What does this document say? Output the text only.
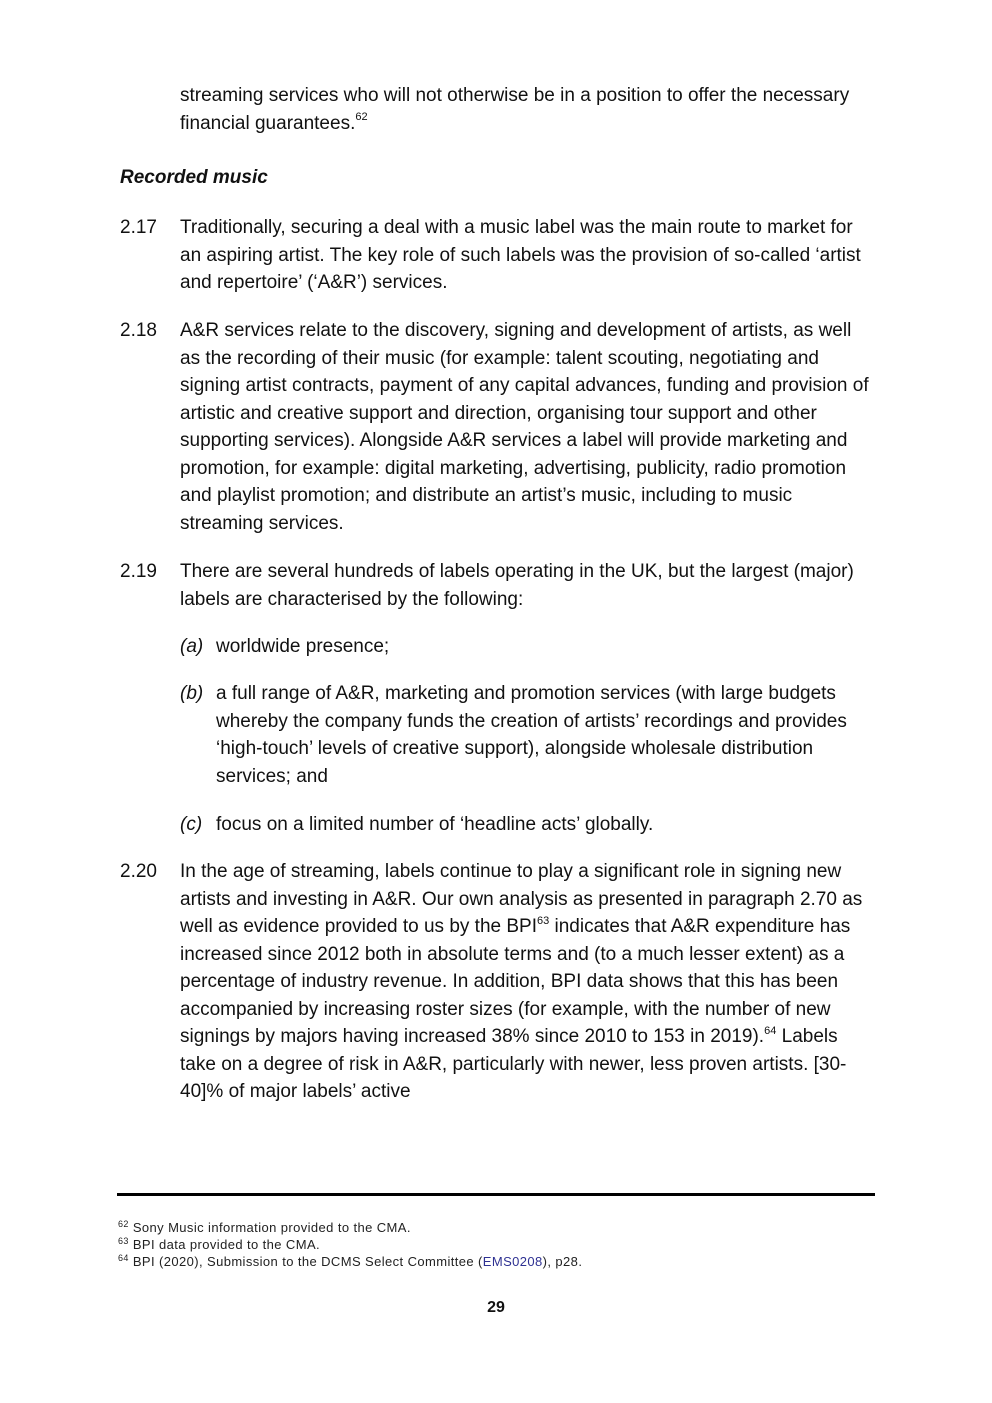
streaming services who will not otherwise be in a position to offer the necessary financial guarantees.$^{62}$
Recorded music
2.17 Traditionally, securing a deal with a music label was the main route to market for an aspiring artist. The key role of such labels was the provision of so-called ‘artist and repertoire’ (‘A&R’) services.
2.18 A&R services relate to the discovery, signing and development of artists, as well as the recording of their music (for example: talent scouting, negotiating and signing artist contracts, payment of any capital advances, funding and provision of artistic and creative support and direction, organising tour support and other supporting services). Alongside A&R services a label will provide marketing and promotion, for example: digital marketing, advertising, publicity, radio promotion and playlist promotion; and distribute an artist’s music, including to music streaming services.
2.19 There are several hundreds of labels operating in the UK, but the largest (major) labels are characterised by the following:
(a) worldwide presence;
(b) a full range of A&R, marketing and promotion services (with large budgets whereby the company funds the creation of artists’ recordings and provides ‘high-touch’ levels of creative support), alongside wholesale distribution services; and
(c) focus on a limited number of ‘headline acts’ globally.
2.20 In the age of streaming, labels continue to play a significant role in signing new artists and investing in A&R. Our own analysis as presented in paragraph 2.70 as well as evidence provided to us by the BPI$^{63}$ indicates that A&R expenditure has increased since 2012 both in absolute terms and (to a much lesser extent) as a percentage of industry revenue. In addition, BPI data shows that this has been accompanied by increasing roster sizes (for example, with the number of new signings by majors having increased 38% since 2010 to 153 in 2019).$^{64}$ Labels take on a degree of risk in A&R, particularly with newer, less proven artists. [30-40]% of major labels’ active
$^{62}$ Sony Music information provided to the CMA.
$^{63}$ BPI data provided to the CMA.
$^{64}$ BPI (2020), Submission to the DCMS Select Committee (EMS0208), p28.
29
